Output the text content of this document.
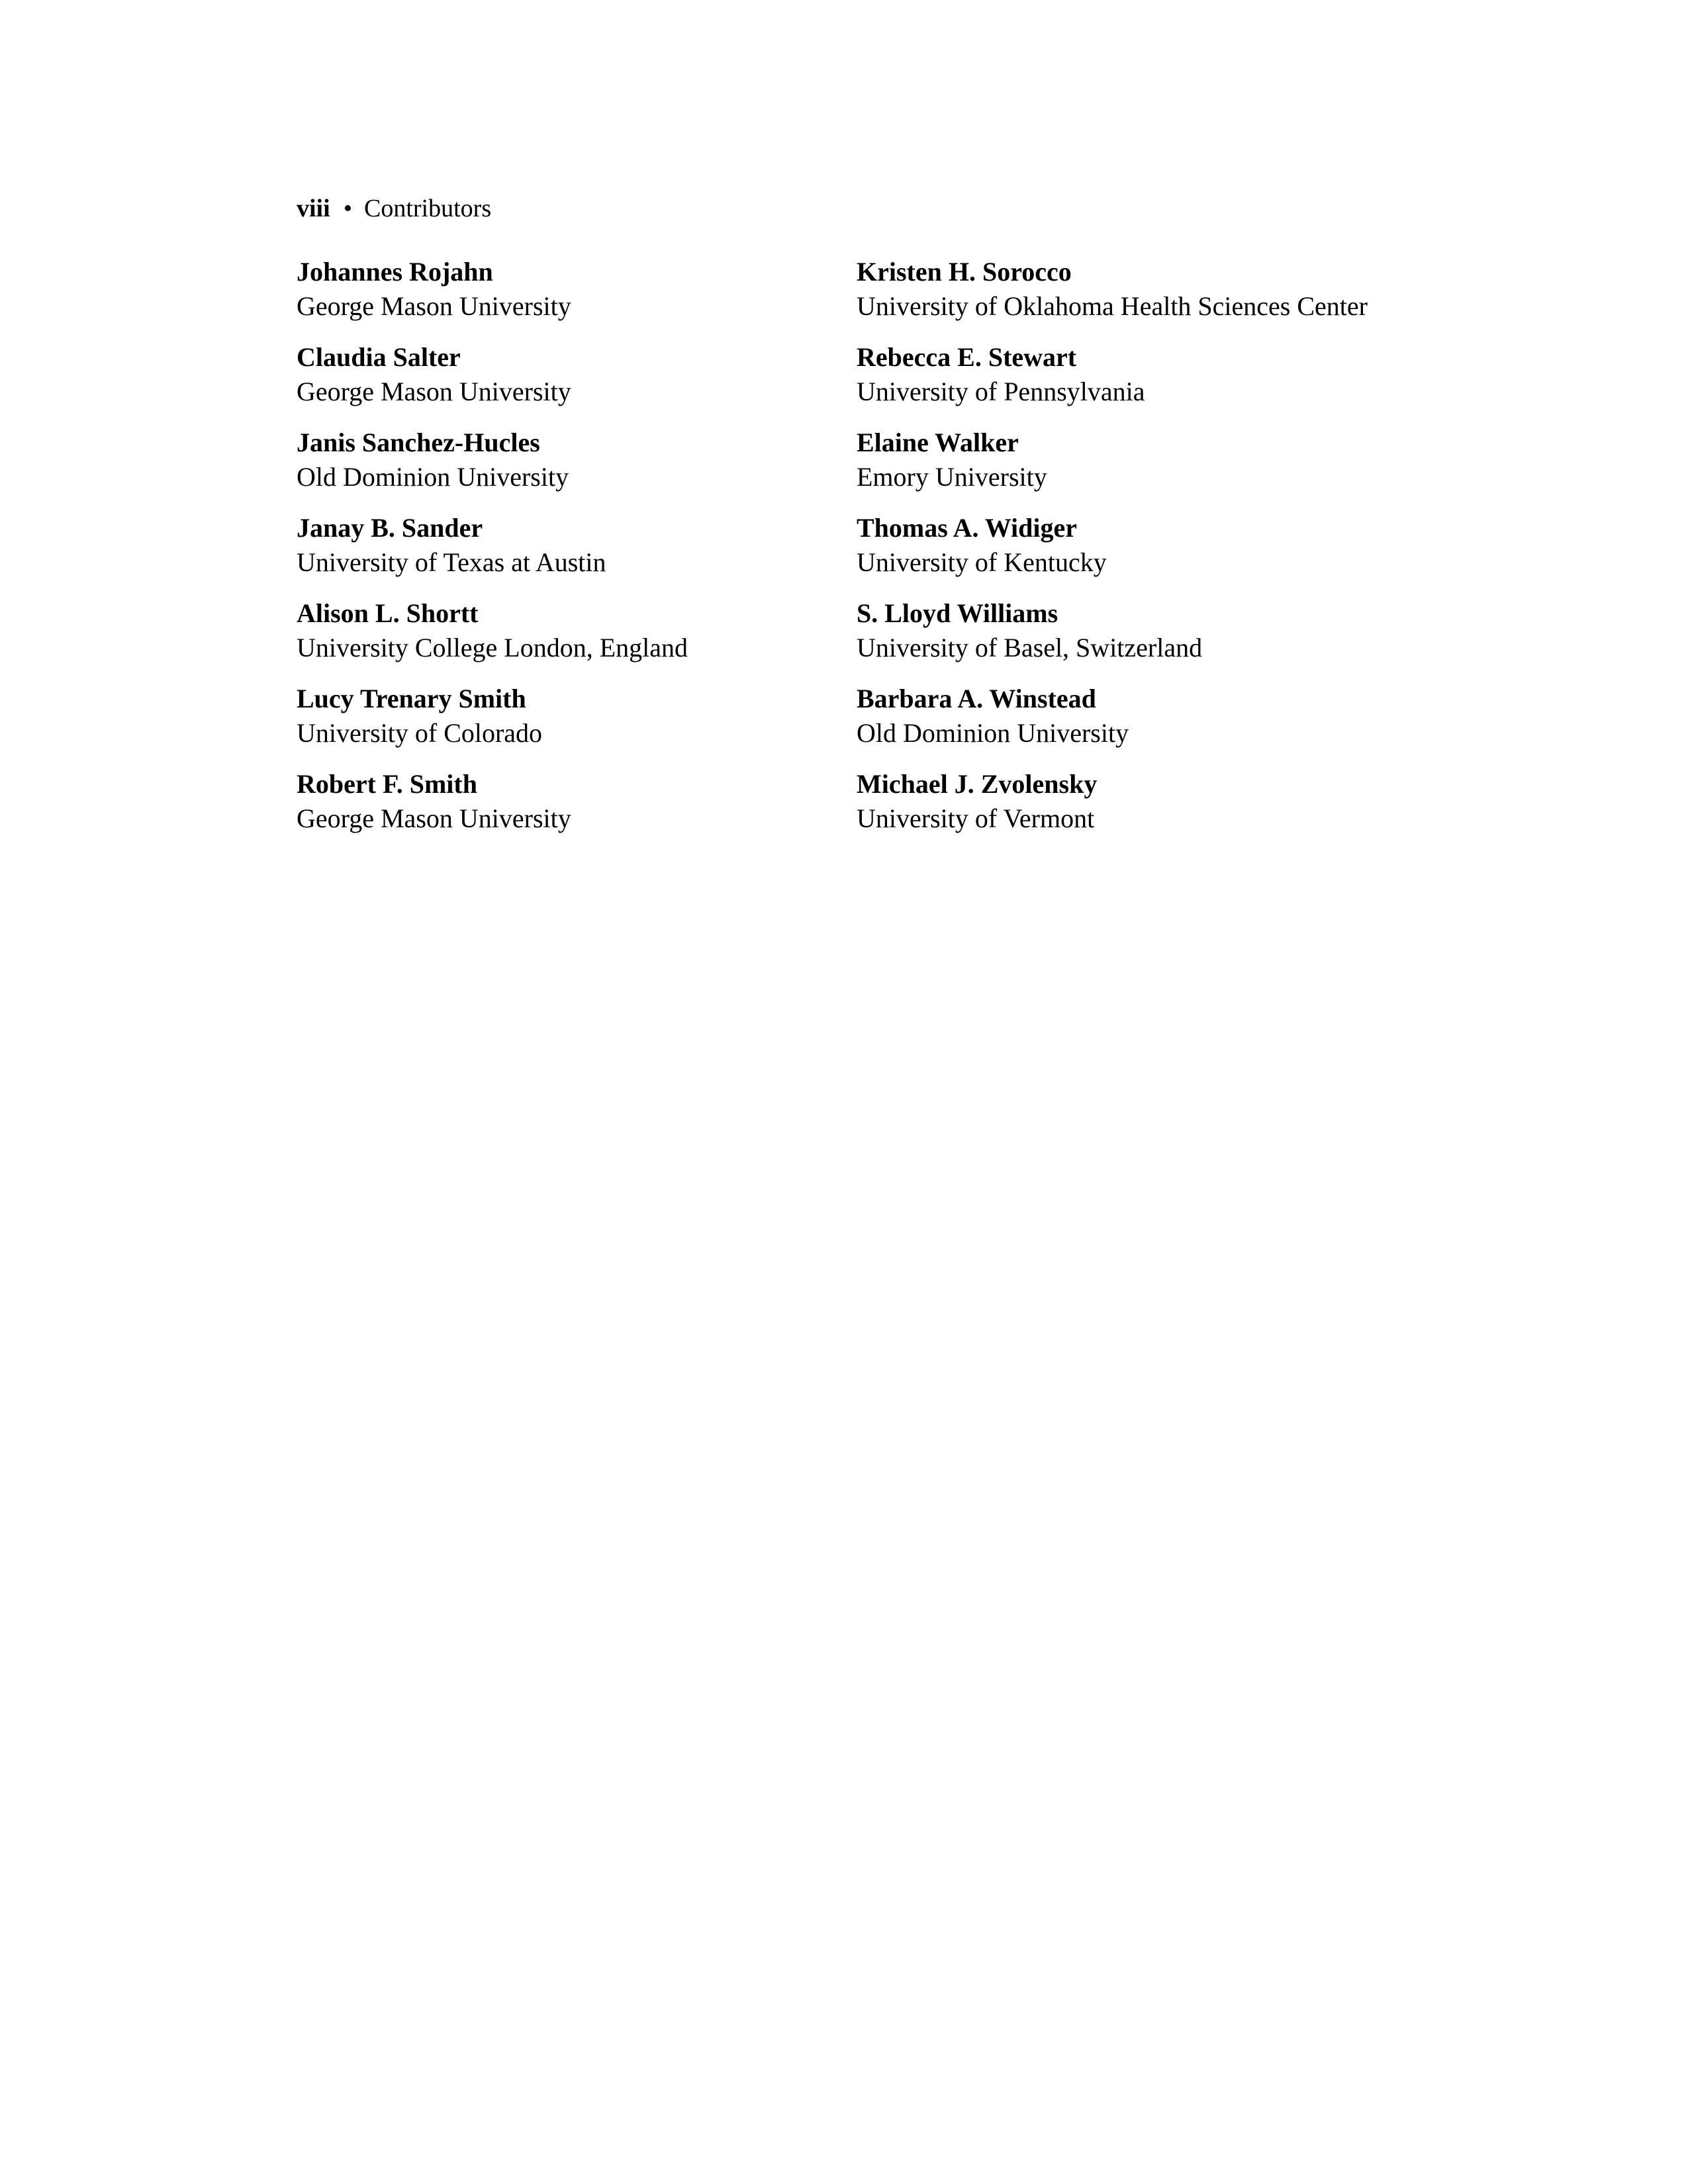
viii • Contributors
Johannes Rojahn
George Mason University
Claudia Salter
George Mason University
Janis Sanchez-Hucles
Old Dominion University
Janay B. Sander
University of Texas at Austin
Alison L. Shortt
University College London, England
Lucy Trenary Smith
University of Colorado
Robert F. Smith
George Mason University
Kristen H. Sorocco
University of Oklahoma Health Sciences Center
Rebecca E. Stewart
University of Pennsylvania
Elaine Walker
Emory University
Thomas A. Widiger
University of Kentucky
S. Lloyd Williams
University of Basel, Switzerland
Barbara A. Winstead
Old Dominion University
Michael J. Zvolensky
University of Vermont
